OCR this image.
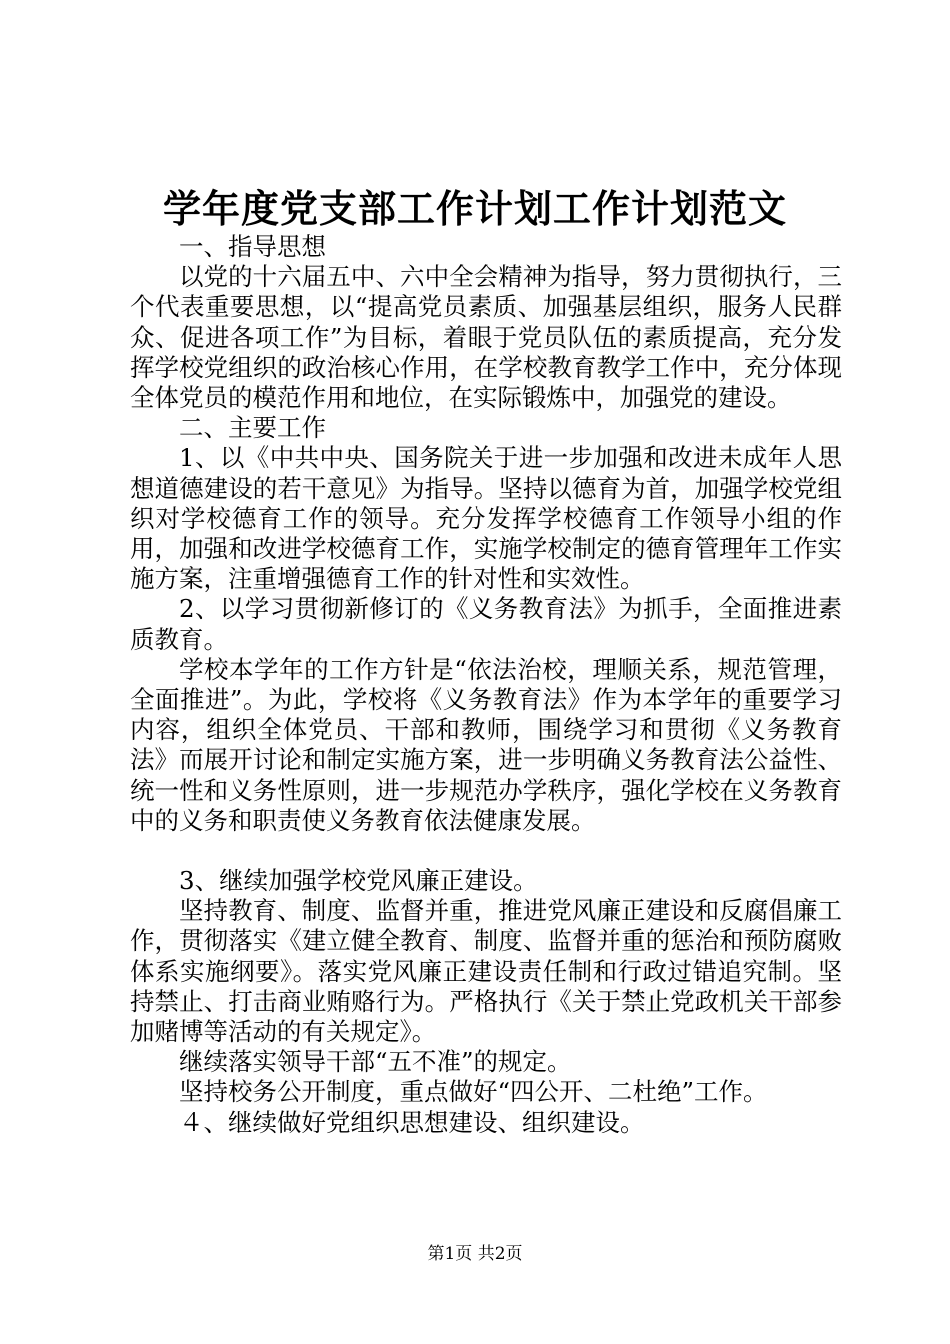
学年度党支部工作计划工作计划范文

一、指导思想

以党的十六届五中、六中全会精神为指导，努力贯彻执行，三个代表重要思想，以“提高党员素质、加强基层组织，服务人民群众、促进各项工作”为目标，着眼于党员队伍的素质提高，充分发挥学校党组织的政治核心作用，在学校教育教学工作中，充分体现全体党员的模范作用和地位，在实际锻炼中，加强党的建设。

二、主要工作

1、以《中共中央、国务院关于进一步加强和改进未成年人思想道德建设的若干意见》为指导。坚持以德育为首，加强学校党组织对学校德育工作的领导。充分发挥学校德育工作领导小组的作用，加强和改进学校德育工作，实施学校制定的德育管理年工作实施方案，注重增强德育工作的针对性和实效性。

2、以学习贯彻新修订的《义务教育法》为抓手，全面推进素质教育。

学校本学年的工作方针是“依法治校，理顺关系，规范管理，全面推进”。为此，学校将《义务教育法》作为本学年的重要学习内容，组织全体党员、干部和教师，围绕学习和贯彻《义务教育法》而展开讨论和制定实施方案，进一步明确义务教育法公益性、统一性和义务性原则，进一步规范办学秩序，强化学校在义务教育中的义务和职责使义务教育依法健康发展。

3、继续加强学校党风廉正建设。

坚持教育、制度、监督并重，推进党风廉正建设和反腐倡廉工作，贯彻落实《建立健全教育、制度、监督并重的惩治和预防腐败体系实施纲要》。落实党风廉正建设责任制和行政过错追究制。坚持禁止、打击商业贿赂行为。严格执行《关于禁止党政机关干部参加赌博等活动的有关规定》。

继续落实领导干部“五不准”的规定。

坚持校务公开制度，重点做好“四公开、二杜绝”工作。

４、继续做好党组织思想建设、组织建设。

第1页 共2页
